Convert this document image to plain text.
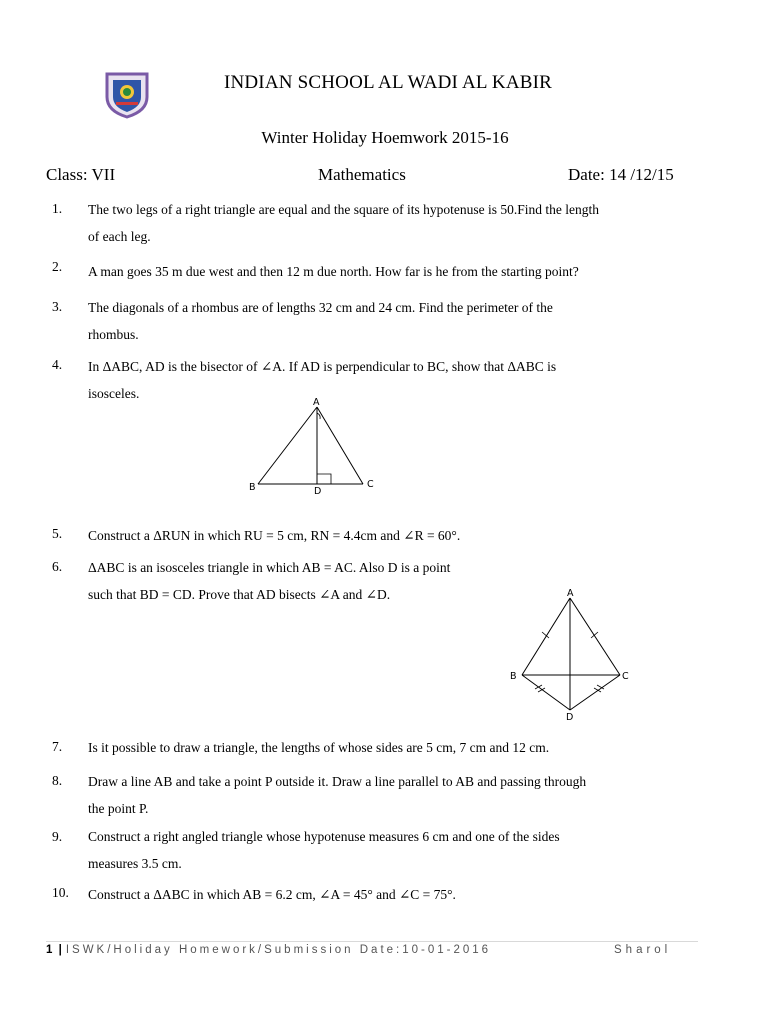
INDIAN SCHOOL AL WADI AL KABIR
Winter Holiday Hoemwork 2015-16
Class: VII	Mathematics	Date: 14 /12/15
1. The two legs of a right triangle are equal and the square of its hypotenuse is 50.Find the length
of each leg.
2. A man goes 35 m due west and then 12 m due north. How far is he from the starting point?
3. The diagonals of a rhombus are of lengths 32 cm and 24 cm. Find the perimeter of the
rhombus.
4. In ΔABC, AD is the bisector of ∠A. If AD is perpendicular to BC, show that ΔABC is
isosceles.
A
B	C
D
5. Construct a ΔRUN in which RU = 5 cm, RN = 4.4cm and ∠R = 60°.
6. ΔABC is an isosceles triangle in which AB = AC. Also D is a point
such that BD = CD. Prove that AD bisects ∠A and ∠D.	A
B	C
D
7. Is it possible to draw a triangle, the lengths of whose sides are 5 cm, 7 cm and 12 cm.
8. Draw a line AB and take a point P outside it. Draw a line parallel to AB and passing through
the point P.
9. Construct a right angled triangle whose hypotenuse measures 6 cm and one of the sides
measures 3.5 cm.
10. Construct a ΔABC in which AB = 6.2 cm, ∠A = 45° and ∠C = 75°.
1 | ISWK/Holiday Homework/Submission Date:10-01-2016	Sharol
